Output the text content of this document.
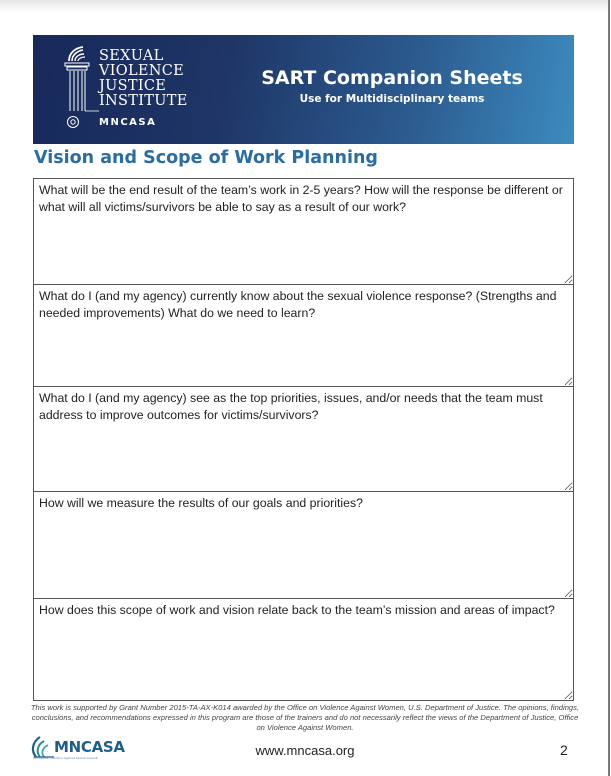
SEXUAL
VIOLENCE
JUSTICE
INSTITUTE
MNCASA
SART Companion Sheets
Use for Multidisciplinary teams
Vision and Scope of Work Planning
What will be the end result of the team’s work in 2-5 years? How will the response be different or what will all victims/survivors be able to say as a result of our work?
What do I (and my agency) currently know about the sexual violence response? (Strengths and needed improvements) What do we need to learn?
What do I (and my agency) see as the top priorities, issues, and/or needs that the team must address to improve outcomes for victims/survivors?
How will we measure the results of our goals and priorities?
How does this scope of work and vision relate back to the team’s mission and areas of impact?
This work is supported by Grant Number 2015-TA-AX-K014 awarded by the Office on Violence Against Women, U.S. Department of Justice. The opinions, findings, conclusions, and recommendations expressed in this program are those of the trainers and do not necessarily reflect the views of the Department of Justice, Office on Violence Against Women.
MNCASA
Minnesota Coalition Against Sexual Assault	www.mncasa.org	2
